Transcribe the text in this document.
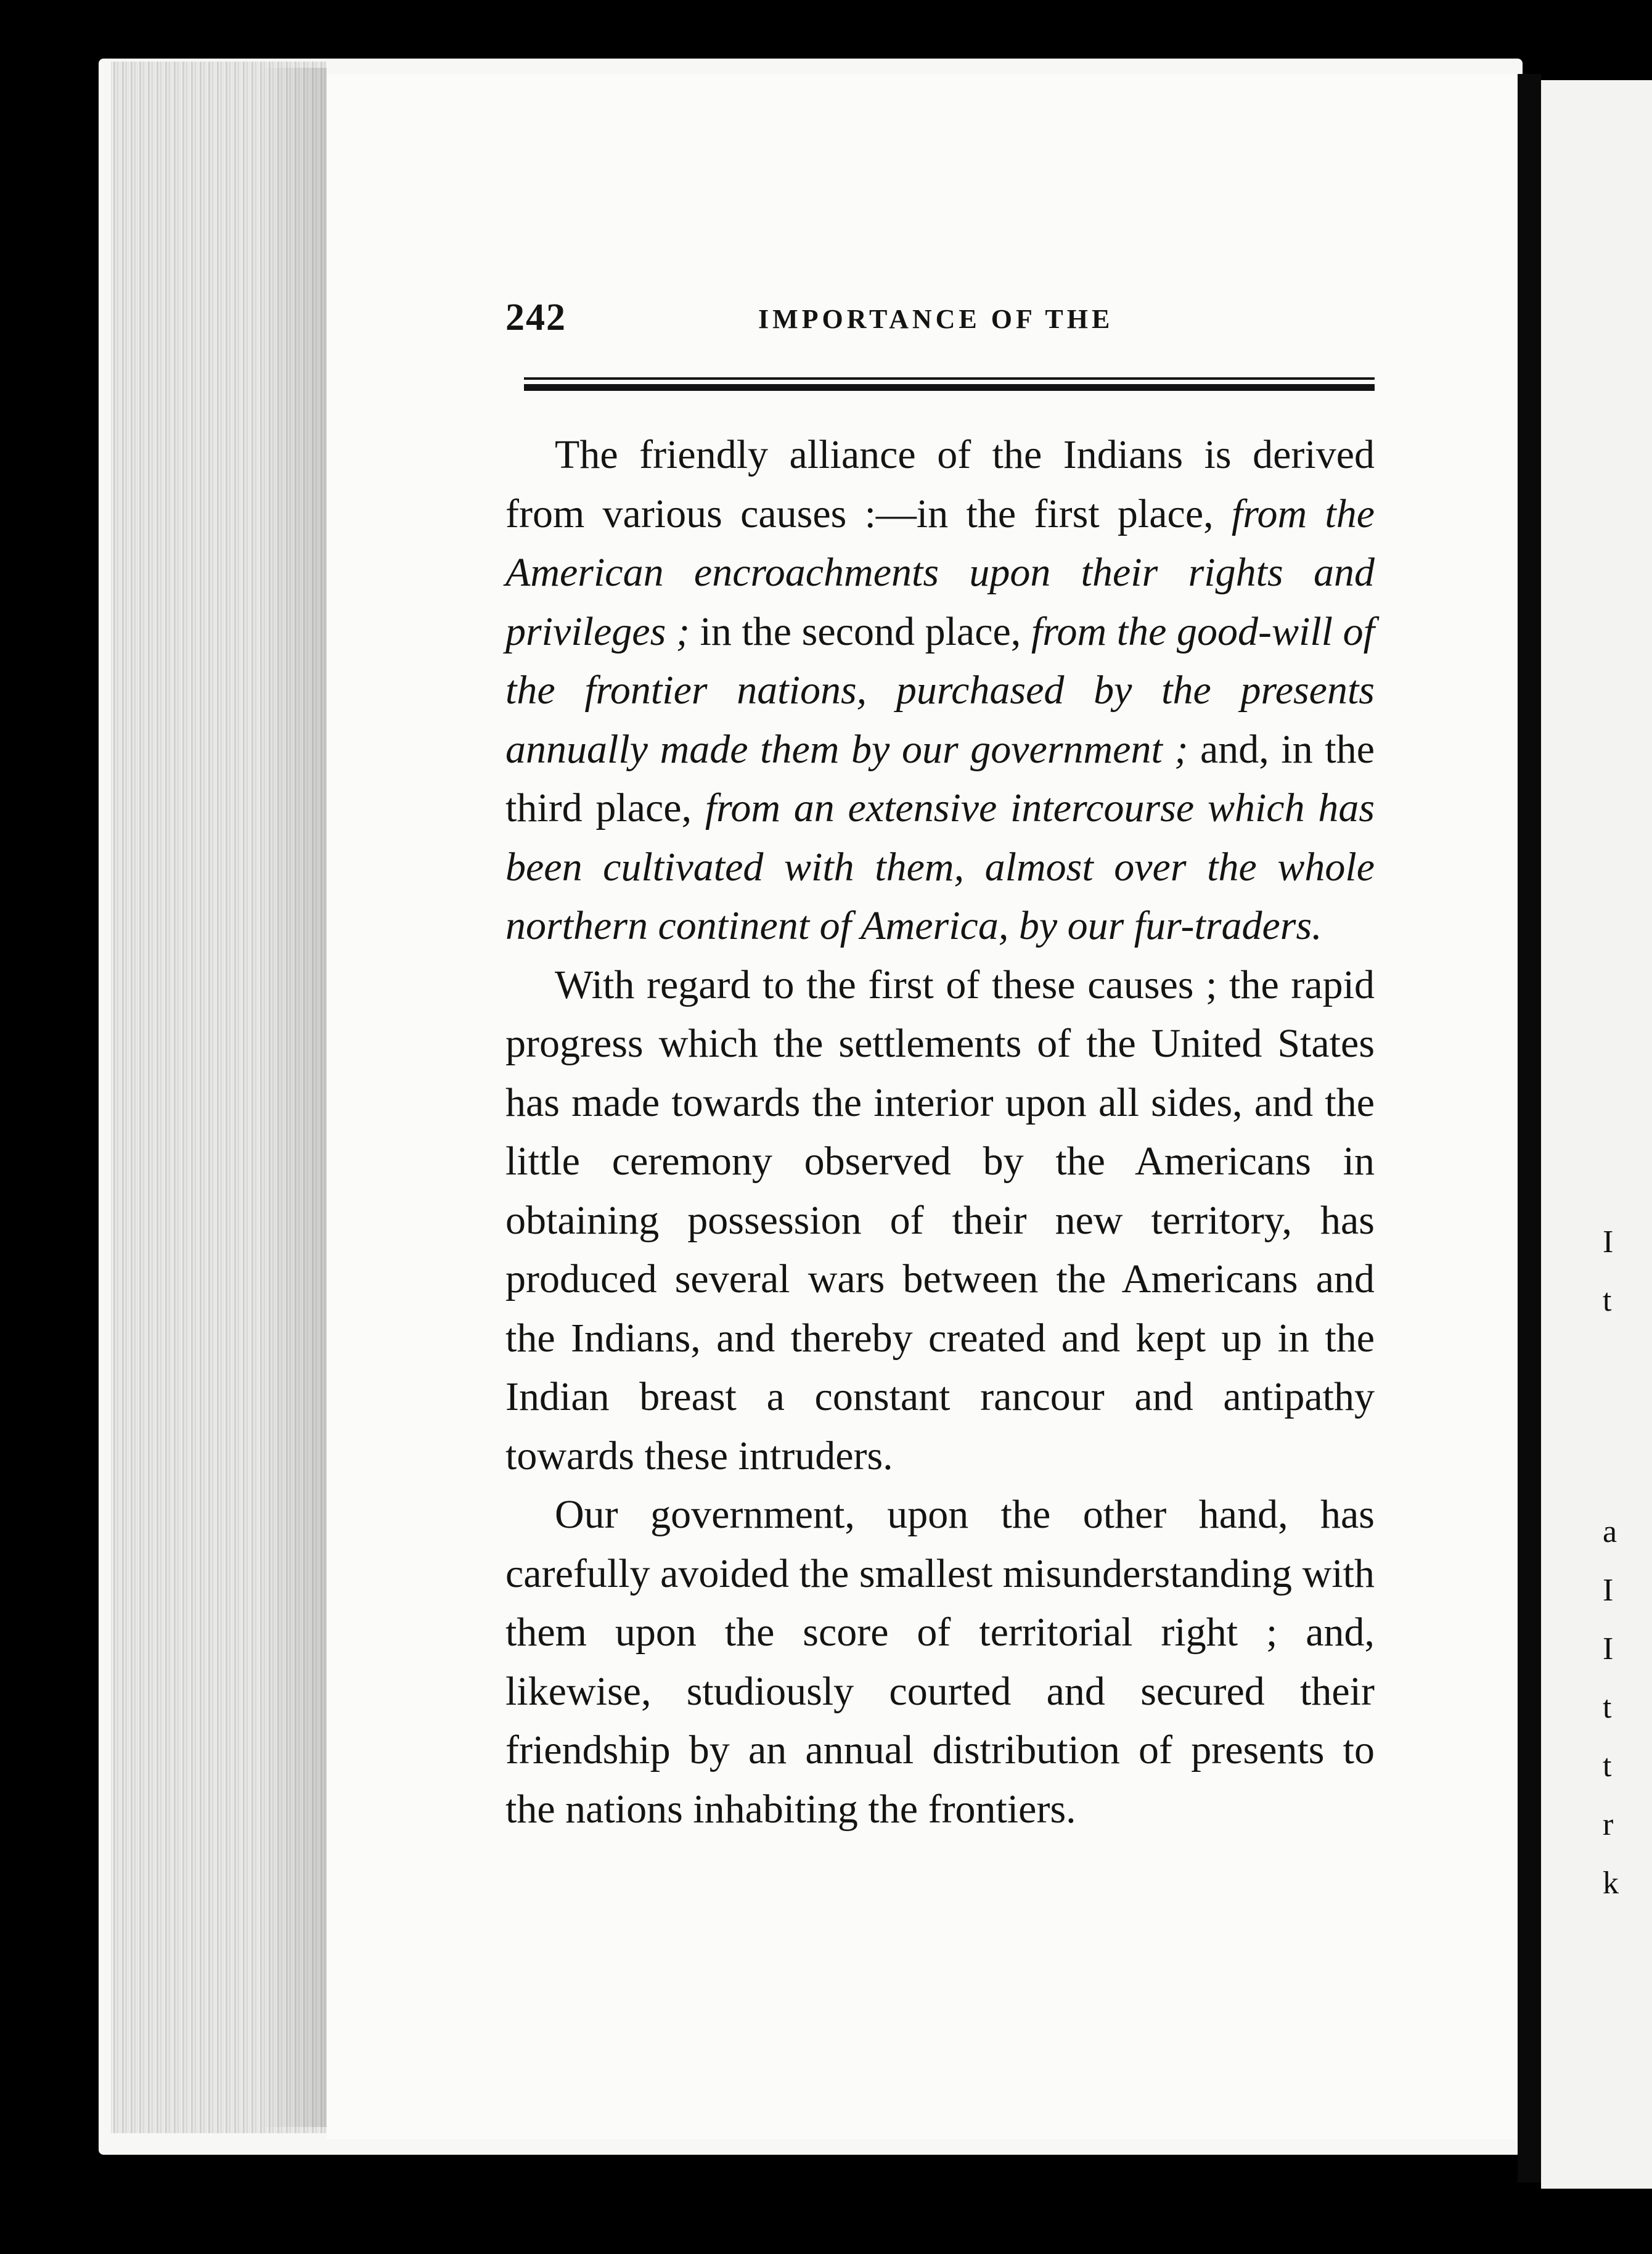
I
t
a
I
I
t
t
r
k
242	IMPORTANCE OF THE

The friendly alliance of the Indians is derived from various causes :—in the first place, from the American encroachments upon their rights and privileges ; in the second place, from the good-will of the frontier nations, purchased by the presents annually made them by our government ; and, in the third place, from an extensive intercourse which has been cultivated with them, almost over the whole northern continent of America, by our fur-traders.

With regard to the first of these causes ; the rapid progress which the settlements of the United States has made towards the interior upon all sides, and the little ceremony observed by the Americans in obtaining possession of their new territory, has produced several wars between the Americans and the Indians, and thereby created and kept up in the Indian breast a constant rancour and antipathy towards these intruders.

Our government, upon the other hand, has carefully avoided the smallest misunderstanding with them upon the score of territorial right ; and, likewise, studiously courted and secured their friendship by an annual distribution of presents to the nations inhabiting the frontiers.
